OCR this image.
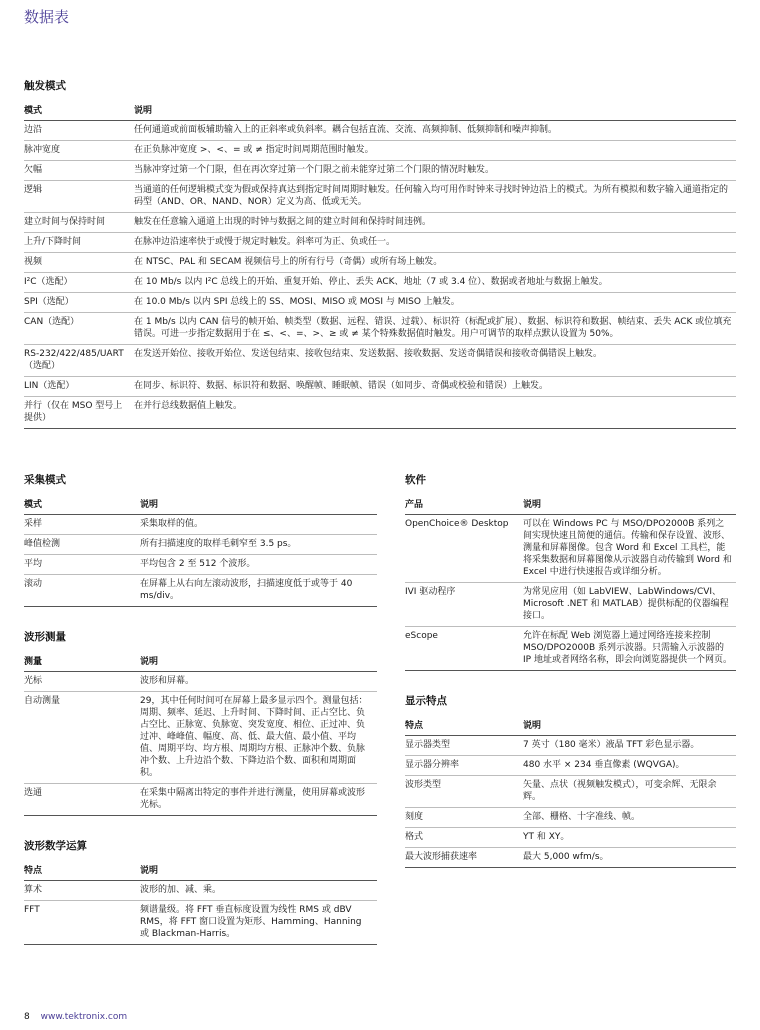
数据表
触发模式
模式	说明
边沿	任何通道或前面板辅助输入上的正斜率或负斜率。耦合包括直流、交流、高频抑制、低频抑制和噪声抑制。
脉冲宽度	在正负脉冲宽度 >、<、= 或 ≠ 指定时间周期范围时触发。
欠幅	当脉冲穿过第一个门限，但在再次穿过第一个门限之前未能穿过第二个门限的情况时触发。
逻辑	当通道的任何逻辑模式变为假或保持真达到指定时间周期时触发。任何输入均可用作时钟来寻找时钟边沿上的模式。为所有模拟和数字输入通道指定的码型（AND、OR、NAND、NOR）定义为高、低或无关。
建立时间与保持时间	触发在任意输入通道上出现的时钟与数据之间的建立时间和保持时间违例。
上升/下降时间	在脉冲边沿速率快于或慢于规定时触发。斜率可为正、负或任一。
视频	在 NTSC、PAL 和 SECAM 视频信号上的所有行号（奇偶）或所有场上触发。
I²C（选配）	在 10 Mb/s 以内 I²C 总线上的开始、重复开始、停止、丢失 ACK、地址（7 或 3.4 位）、数据或者地址与数据上触发。
SPI（选配）	在 10.0 Mb/s 以内 SPI 总线上的 SS、MOSI、MISO 或 MOSI 与 MISO 上触发。
CAN（选配）	在 1 Mb/s 以内 CAN 信号的帧开始、帧类型（数据、远程、错误、过载）、标识符（标配或扩展）、数据、标识符和数据、帧结束、丢失 ACK 或位填充错误。可进一步指定数据用于在 ≤、<、=、>、≥ 或 ≠ 某个特殊数据值时触发。用户可调节的取样点默认设置为 50%。
RS-232/422/485/UART（选配）	在发送开始位、接收开始位、发送包结束、接收包结束、发送数据、接收数据、发送奇偶错误和接收奇偶错误上触发。
LIN（选配）	在同步、标识符、数据、标识符和数据、唤醒帧、睡眠帧、错误（如同步、奇偶或校验和错误）上触发。
并行（仅在 MSO 型号上提供）	在并行总线数据值上触发。
采集模式
模式	说明
采样	采集取样的值。
峰值检测	所有扫描速度的取样毛刺窄至 3.5 ps。
平均	平均包含 2 至 512 个波形。
滚动	在屏幕上从右向左滚动波形，扫描速度低于或等于 40 ms/div。
波形测量
测量	说明
光标	波形和屏幕。
自动测量	29，其中任何时间可在屏幕上最多显示四个。测量包括：周期、频率、延迟、上升时间、下降时间、正占空比、负占空比、正脉宽、负脉宽、突发宽度、相位、正过冲、负过冲、峰峰值、幅度、高、低、最大值、最小值、平均值、周期平均、均方根、周期均方根、正脉冲个数、负脉冲个数、上升边沿个数、下降边沿个数、面积和周期面积。
选通	在采集中隔离出特定的事件并进行测量，使用屏幕或波形光标。
波形数学运算
特点	说明
算术	波形的加、减、乘。
FFT	频谱量级。将 FFT 垂直标度设置为线性 RMS 或 dBV RMS，将 FFT 窗口设置为矩形、Hamming、Hanning 或 Blackman-Harris。
软件
产品	说明
OpenChoice® Desktop	可以在 Windows PC 与 MSO/DPO2000B 系列之间实现快速且简便的通信。传输和保存设置、波形、测量和屏幕图像。包含 Word 和 Excel 工具栏，能将采集数据和屏幕图像从示波器自动传输到 Word 和 Excel 中进行快速报告或详细分析。
IVI 驱动程序	为常见应用（如 LabVIEW、LabWindows/CVI、Microsoft .NET 和 MATLAB）提供标配的仪器编程接口。
eScope	允许在标配 Web 浏览器上通过网络连接来控制 MSO/DPO2000B 系列示波器。只需输入示波器的 IP 地址或者网络名称，即会向浏览器提供一个网页。
显示特点
特点	说明
显示器类型	7 英寸（180 毫米）液晶 TFT 彩色显示器。
显示器分辨率	480 水平 × 234 垂直像素 (WQVGA)。
波形类型	矢量、点状（视频触发模式），可变余辉、无限余辉。
刻度	全部、栅格、十字准线、帧。
格式	YT 和 XY。
最大波形捕获速率	最大 5,000 wfm/s。
8 www.tektronix.com
